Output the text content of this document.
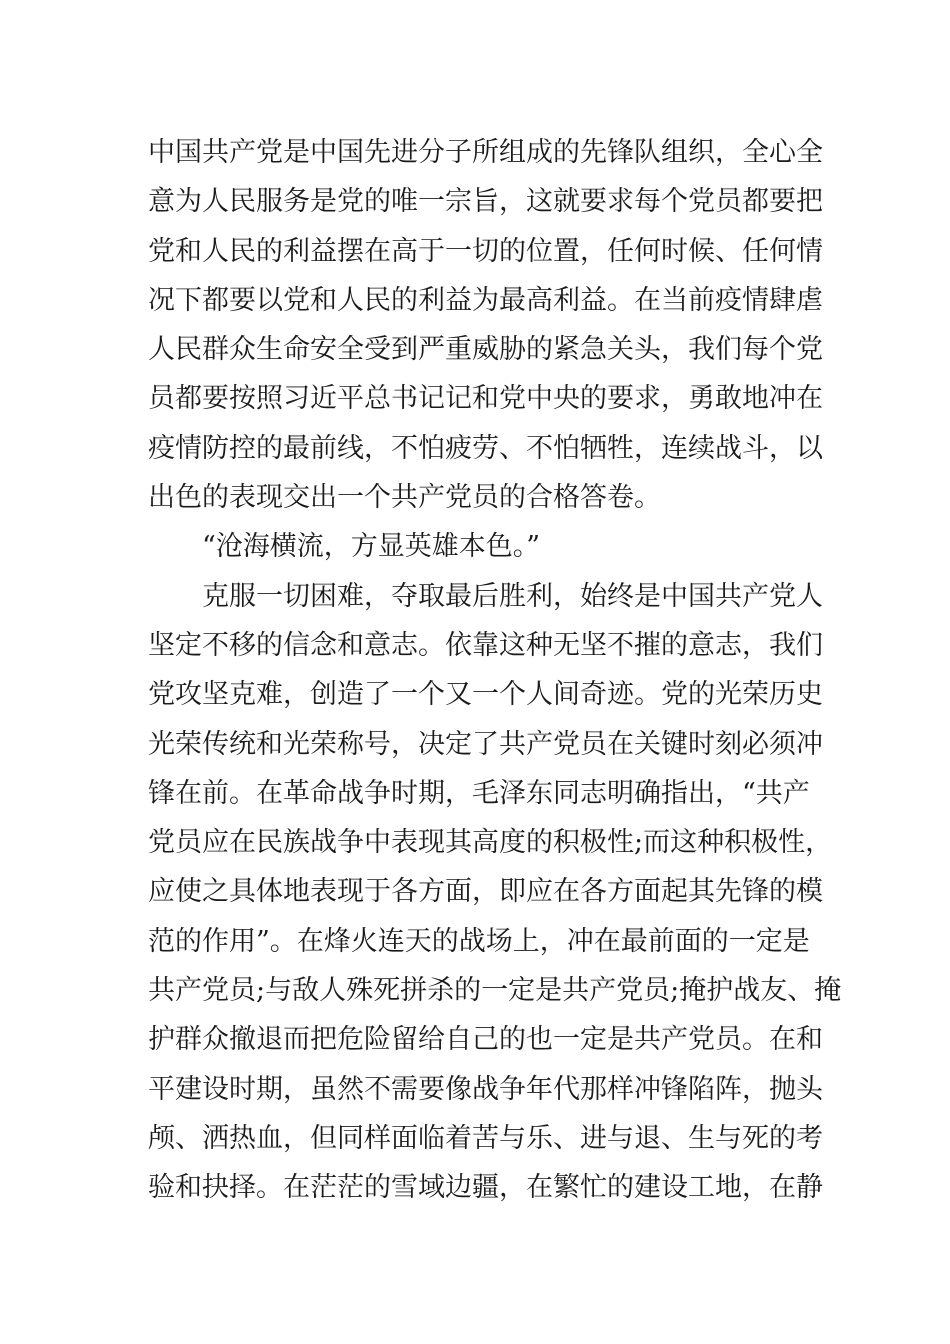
中国共产党是中国先进分子所组成的先锋队组织，全心全
意为人民服务是党的唯一宗旨，这就要求每个党员都要把
党和人民的利益摆在高于一切的位置，任何时候、任何情
况下都要以党和人民的利益为最高利益。在当前疫情肆虐
人民群众生命安全受到严重威胁的紧急关头，我们每个党
员都要按照习近平总书记记和党中央的要求，勇敢地冲在
疫情防控的最前线，不怕疲劳、不怕牺牲，连续战斗，以
出色的表现交出一个共产党员的合格答卷。
“沧海横流，方显英雄本色。”
克服一切困难，夺取最后胜利，始终是中国共产党人
坚定不移的信念和意志。依靠这种无坚不摧的意志，我们
党攻坚克难，创造了一个又一个人间奇迹。党的光荣历史
光荣传统和光荣称号，决定了共产党员在关键时刻必须冲
锋在前。在革命战争时期，毛泽东同志明确指出，“共产
党员应在民族战争中表现其高度的积极性;而这种积极性，
应使之具体地表现于各方面，即应在各方面起其先锋的模
范的作用”。在烽火连天的战场上，冲在最前面的一定是
共产党员;与敌人殊死拼杀的一定是共产党员;掩护战友、掩
护群众撤退而把危险留给自己的也一定是共产党员。在和
平建设时期，虽然不需要像战争年代那样冲锋陷阵，抛头
颅、洒热血，但同样面临着苦与乐、进与退、生与死的考
验和抉择。在茫茫的雪域边疆，在繁忙的建设工地，在静
